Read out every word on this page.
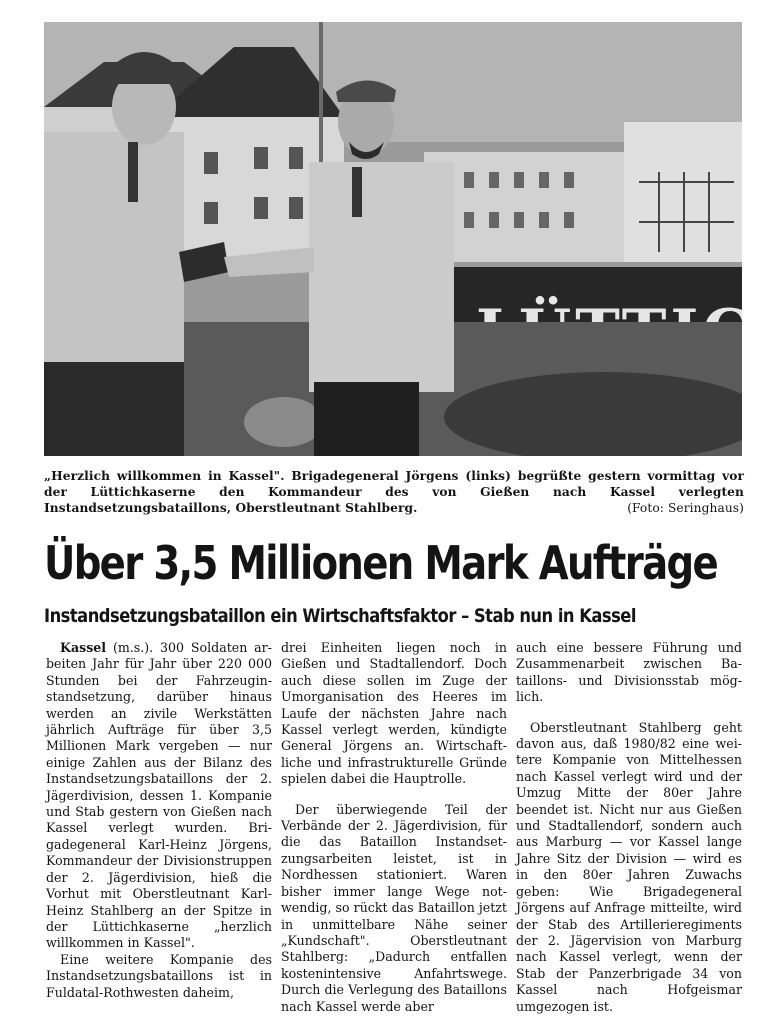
„Herzlich willkommen in Kassel". Brigadegeneral Jörgens (links) begrüßte gestern vormittag vor der Lüttichkaserne den Kommandeur des von Gießen nach Kassel verlegten Instandsetzungsbataillons, Oberstleutnant Stahlberg.	(Foto: Seringhaus)
Über 3,5 Millionen Mark Aufträge
Instandsetzungsbataillon ein Wirtschaftsfaktor – Stab nun in Kassel

Kassel (m.s.). 300 Soldaten arbeiten Jahr für Jahr über 220 000 Stunden bei der Fahrzeuginstandsetzung, darüber hinaus werden an zivile Werkstätten jährlich Aufträge für über 3,5 Millionen Mark vergeben — nur einige Zahlen aus der Bilanz des Instandsetzungsbataillons der 2. Jägerdivision, dessen 1. Kompanie und Stab gestern von Gießen nach Kassel verlegt wurden. Brigadegeneral Karl-Heinz Jörgens, Kommandeur der Divisionstruppen der 2. Jägerdivision, hieß die Vorhut mit Oberstleutnant Karl-Heinz Stahlberg an der Spitze in der Lüttichkaserne „herzlich willkommen in Kassel".

Eine weitere Kompanie des Instandsetzungsbataillons ist in Fuldatal-Rothwesten daheim,

drei Einheiten liegen noch in Gießen und Stadtallendorf. Doch auch diese sollen im Zuge der Umorganisation des Heeres im Laufe der nächsten Jahre nach Kassel verlegt werden, kündigte General Jörgens an. Wirtschaftliche und infrastrukturelle Gründe spielen dabei die Hauptrolle.

Der überwiegende Teil der Verbände der 2. Jägerdivision, für die das Bataillon Instandsetzungsarbeiten leistet, ist in Nordhessen stationiert. Waren bisher immer lange Wege notwendig, so rückt das Bataillon jetzt in unmittelbare Nähe seiner „Kundschaft". Oberstleutnant Stahlberg: „Dadurch entfallen kostenintensive Anfahrtswege. Durch die Verlegung des Bataillons nach Kassel werde aber

auch eine bessere Führung und Zusammenarbeit zwischen Bataillons- und Divisionsstab möglich.

Oberstleutnant Stahlberg geht davon aus, daß 1980/82 eine weitere Kompanie von Mittelhessen nach Kassel verlegt wird und der Umzug Mitte der 80er Jahre beendet ist. Nicht nur aus Gießen und Stadtallendorf, sondern auch aus Marburg — vor Kassel lange Jahre Sitz der Division — wird es in den 80er Jahren Zuwachs geben: Wie Brigadegeneral Jörgens auf Anfrage mitteilte, wird der Stab des Artillerieregiments der 2. Jägervision von Marburg nach Kassel verlegt, wenn der Stab der Panzerbrigade 34 von Kassel nach Hofgeismar umgezogen ist.
